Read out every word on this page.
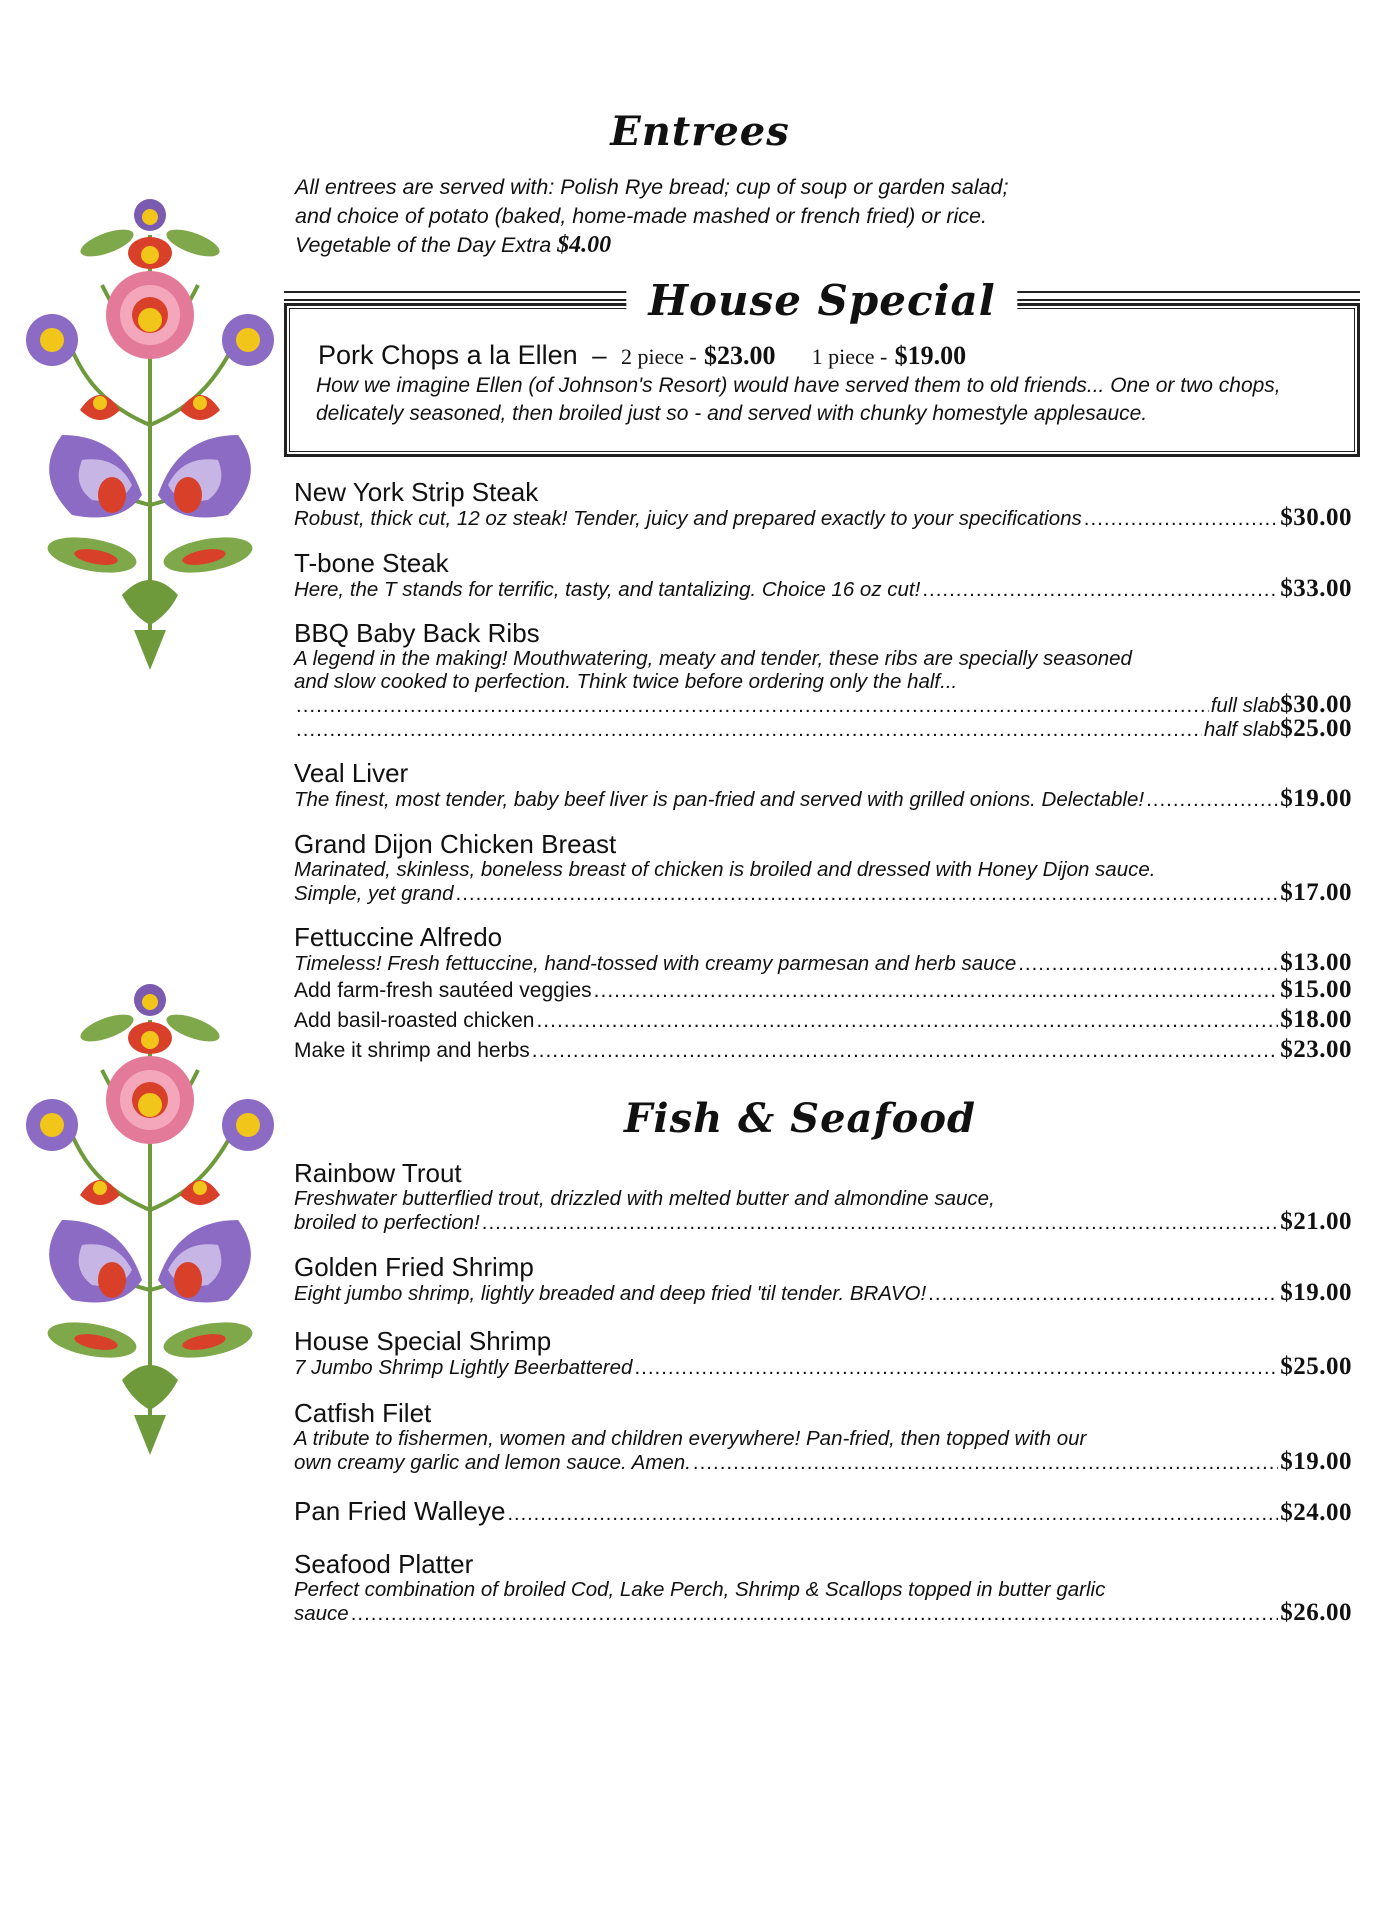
Entrees
All entrees are served with: Polish Rye bread; cup of soup or garden salad;
and choice of potato (baked, home-made mashed or french fried) or rice.
Vegetable of the Day Extra $4.00
House Special
Pork Chops a la Ellen – 2 piece - $23.00 1 piece - $19.00
How we imagine Ellen (of Johnson's Resort) would have served them to old friends... One or two chops, delicately seasoned, then broiled just so - and served with chunky homestyle applesauce.
New York Strip Steak
Robust, thick cut, 12 oz steak! Tender, juicy and prepared exactly to your specifications .....	$30.00
T-bone Steak
Here, the T stands for terrific, tasty, and tantalizing. Choice 16 oz cut! .....	$33.00
BBQ Baby Back Ribs
A legend in the making! Mouthwatering, meaty and tender, these ribs are specially seasoned
and slow cooked to perfection. Think twice before ordering only the half...
.....
full slab $30.00
.....
half slab $25.00
Veal Liver
The finest, most tender, baby beef liver is pan-fried and served with grilled onions. Delectable! .....	$19.00
Grand Dijon Chicken Breast
Marinated, skinless, boneless breast of chicken is broiled and dressed with Honey Dijon sauce.
Simple, yet grand .....	$17.00
Fettuccine Alfredo
Timeless! Fresh fettuccine, hand-tossed with creamy parmesan and herb sauce .....	$13.00
Add farm-fresh sautéed veggies .....	$15.00
Add basil-roasted chicken .....	$18.00
Make it shrimp and herbs .....	$23.00
Fish & Seafood
Rainbow Trout
Freshwater butterflied trout, drizzled with melted butter and almondine sauce,
broiled to perfection! .....	$21.00
Golden Fried Shrimp
Eight jumbo shrimp, lightly breaded and deep fried 'til tender. BRAVO! .....	$19.00
House Special Shrimp
7 Jumbo Shrimp Lightly Beerbattered .....	$25.00
Catfish Filet
A tribute to fishermen, women and children everywhere! Pan-fried, then topped with our
own creamy garlic and lemon sauce. Amen. .....	$19.00
Pan Fried Walleye .....	$24.00
Seafood Platter
Perfect combination of broiled Cod, Lake Perch, Shrimp & Scallops topped in butter garlic
sauce .....	$26.00
